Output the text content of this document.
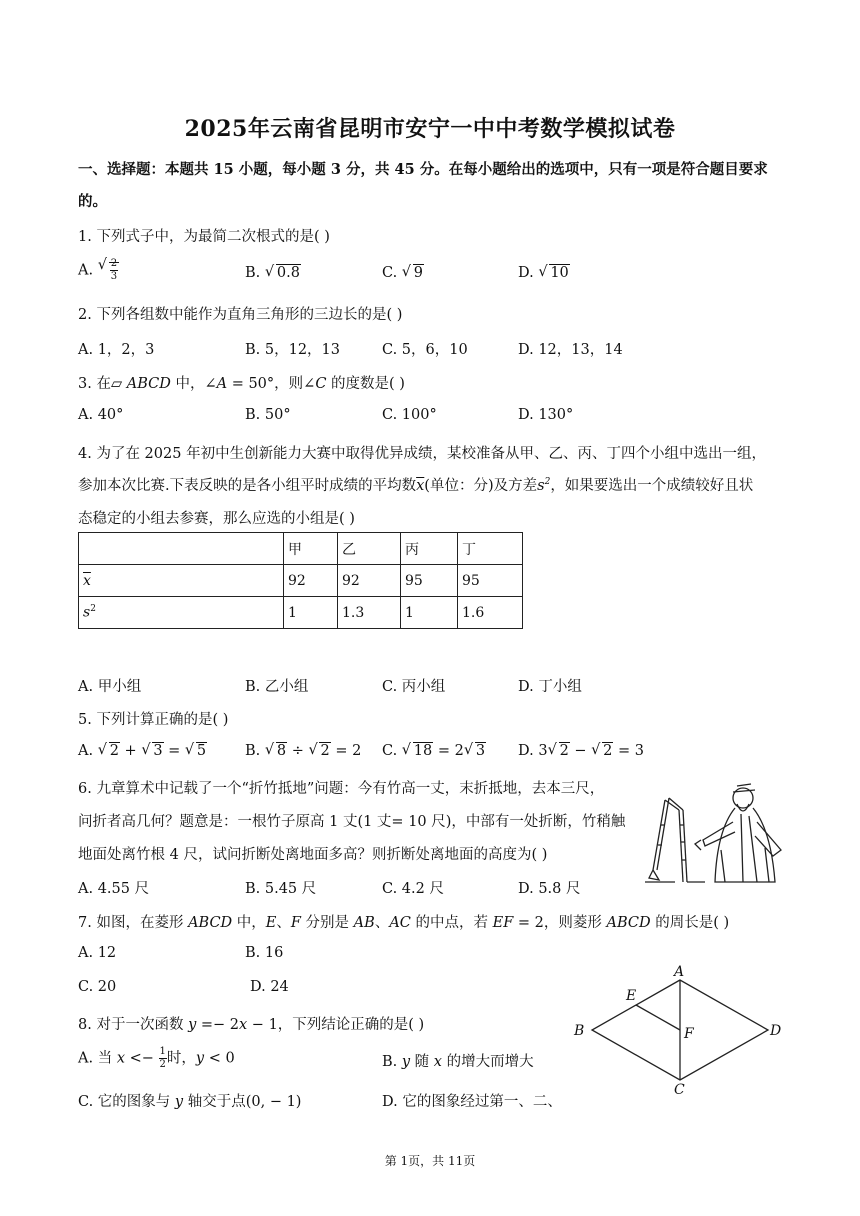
2025年云南省昆明市安宁一中中考数学模拟试卷
一、选择题：本题共 15 小题，每小题 3 分，共 45 分。在每小题给出的选项中，只有一项是符合题目要求
的。
1. 下列式子中，为最简二次根式的是( )
A. √ $\frac{2}{3}$	B. √ 0.8	C. √ 9	D. √ 10
2. 下列各组数中能作为直角三角形的三边长的是( )
A. 1，2，3	B. 5，12，13	C. 5，6，10	D. 12，13，14
3. 在▱ ABCD 中，∠A = 50°，则∠C 的度数是( )
A. 40°	B. 50°	C. 100°	D. 130°
4. 为了在 2025 年初中生创新能力大赛中取得优异成绩，某校准备从甲、乙、丙、丁四个小组中选出一组，
参加本次比赛.下表反映的是各小组平时成绩的平均数$\overline{x}$(单位：分)及方差$s^2$，如果要选出一个成绩较好且状
态稳定的小组去参赛，那么应选的小组是( )
	甲	乙	丙	丁
$\overline{x}$	92	92	95	95
$s^2$	1	1.3	1	1.6
A. 甲小组	B. 乙小组	C. 丙小组	D. 丁小组
5. 下列计算正确的是( )
A. √ 2 + √ 3 = √ 5	B. √ 8 ÷ √ 2 = 2 C. √ 18 = 2 √ 3 D. 3 √ 2 − √ 2 = 3
6. 九章算术中记载了一个“折竹抵地”问题：今有竹高一丈，末折抵地，去本三尺，
问折者高几何？题意是：一根竹子原高 1 丈(1 丈= 10 尺)，中部有一处折断，竹稍触
地面处离竹根 4 尺，试问折断处离地面多高？则折断处离地面的高度为( )
A. 4.55 尺	B. 5.45 尺	C. 4.2 尺	D. 5.8 尺
7. 如图，在菱形 ABCD 中，E、F 分别是 AB、AC 的中点，若 EF = 2，则菱形 ABCD 的周长是( )
A. 12	B. 16
C. 20	D. 24
A
B
C
D
E
F
8. 对于一次函数 y =− 2x − 1，下列结论正确的是( )
A. 当 $x <- \frac{1}{2}$ 时，y < 0	B. y 随 x 的增大而增大
C. 它的图象与 y 轴交于点(0, − 1)	D. 它的图象经过第一、二、
第 1页，共 11页
